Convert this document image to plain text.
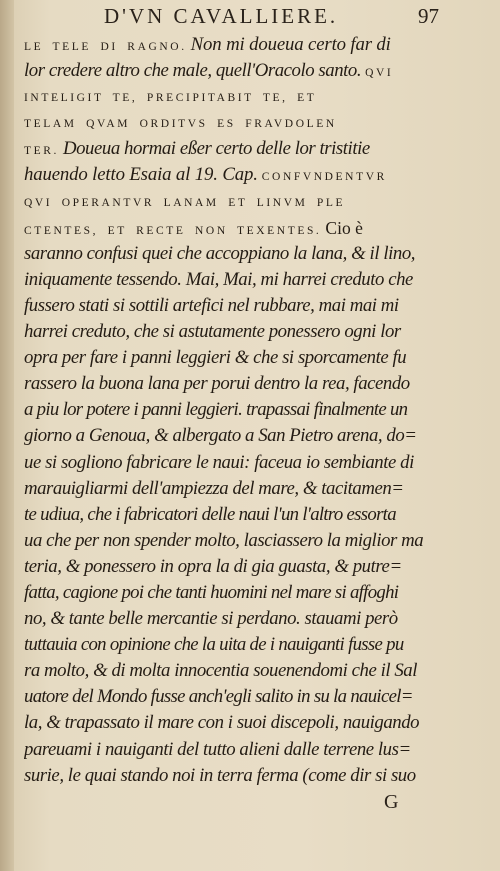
D'VN CAVALLIERE.	97
LE TELE DI RAGNO. Non mi doueua certo far di
lor credere altro che male, quell'Oracolo santo. QVI
INTELIGIT TE, PRECIPITABIT TE, ET
TELAM QVAM ORDITVS ES FRAVDOLEN
TER. Doueua hormai eßer certo delle lor tristitie
hauendo letto Esaia al 19. Cap. CONFVNDENTVR
QVI OPERANTVR LANAM ET LINVM PLE
CTENTES, ET RECTE NON TEXENTES. Cio è
saranno confusi quei che accoppiano la lana, & il lino,
iniquamente tessendo. Mai, Mai, mi harrei creduto che
fussero stati si sottili artefici nel rubbare, mai mai mi
harrei creduto, che si astutamente ponessero ogni lor
opra per fare i panni leggieri & che si sporcamente fu
rassero la buona lana per porui dentro la rea, facendo
a piu lor potere i panni leggieri. trapassai finalmente un
giorno a Genoua, & albergato a San Pietro arena, do=
ue si sogliono fabricare le naui: faceua io sembiante di
marauigliarmi dell'ampiezza del mare, & tacitamen=
te udiua, che i fabricatori delle naui l'un l'altro essorta
ua che per non spender molto, lasciassero la miglior ma
teria, & ponessero in opra la di gia guasta, & putre=
fatta, cagione poi che tanti huomini nel mare si affoghi
no, & tante belle mercantie si perdano. stauami però
tuttauia con opinione che la uita de i nauiganti fusse pu
ra molto, & di molta innocentia souenendomi che il Sal
uatore del Mondo fusse anch'egli salito in su la nauicel=
la, & trapassato il mare con i suoi discepoli, nauigando
pareuami i nauiganti del tutto alieni dalle terrene lus=
surie, le quai stando noi in terra ferma (come dir si suo
G
